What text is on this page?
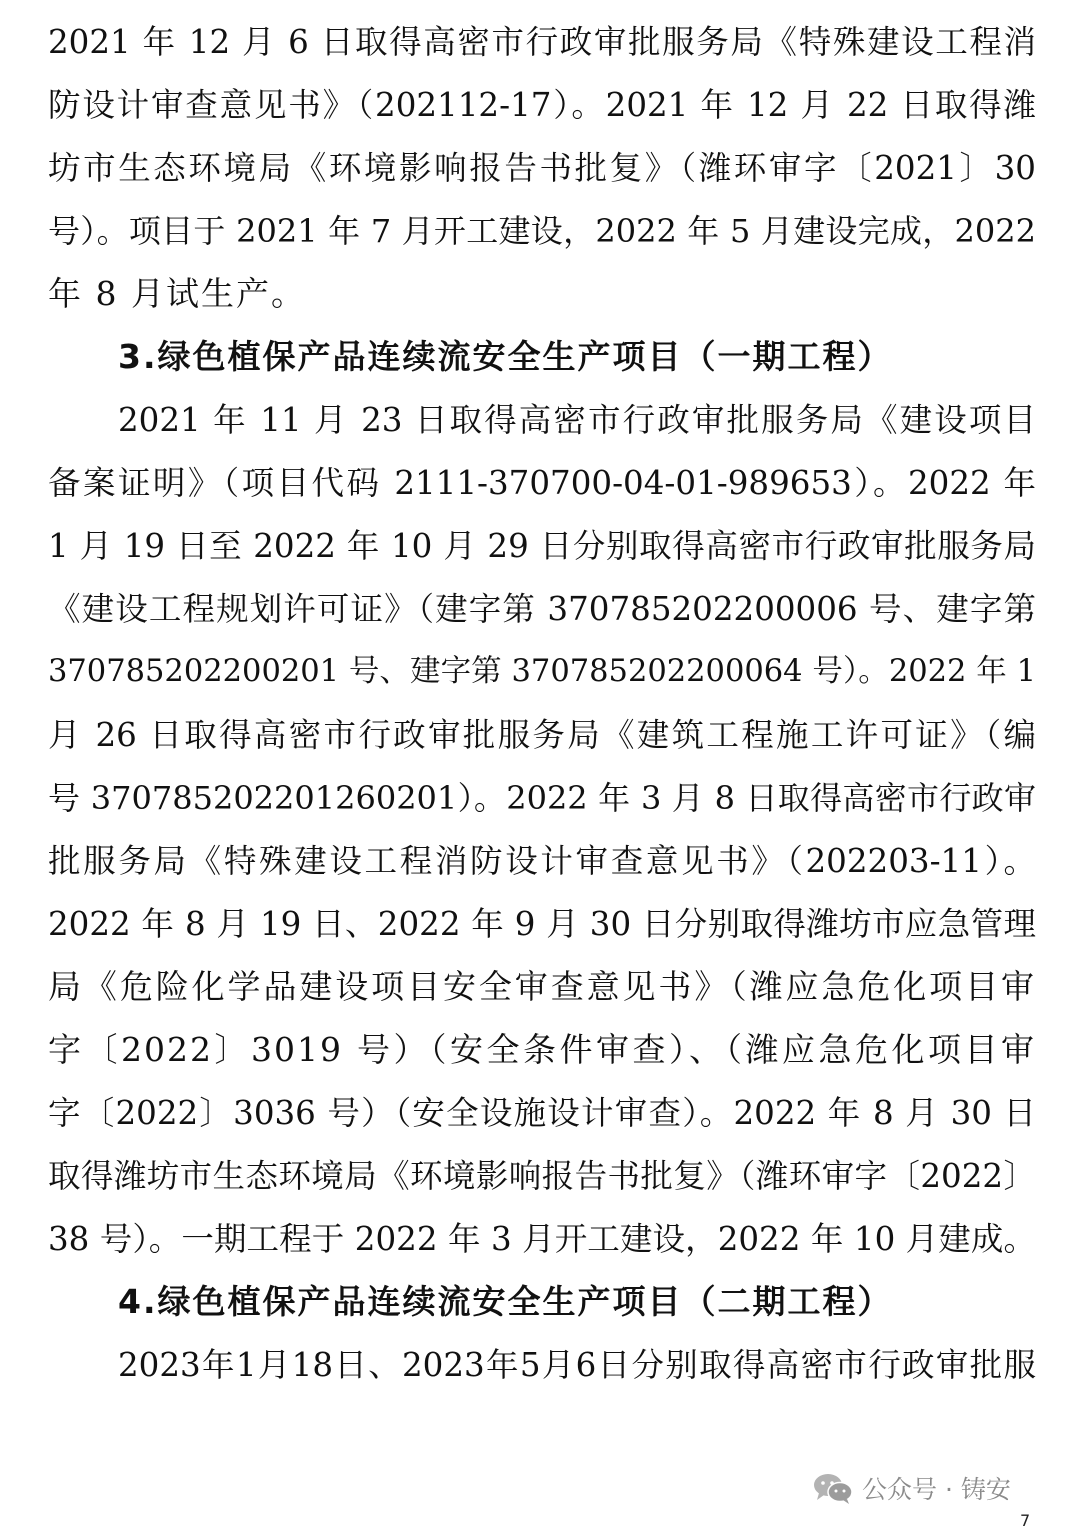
2021 年 12 月 6 日取得高密市行政审批服务局《特殊建设工程消
防设计审查意见书》（202112-17）。2021 年 12 月 22 日取得潍
坊市生态环境局《环境影响报告书批复》（潍环审字〔2021〕30
号）。项目于 2021 年 7 月开工建设，2022 年 5 月建设完成，2022
年 8 月试生产。
3.绿色植保产品连续流安全生产项目（一期工程）
2021 年 11 月 23 日取得高密市行政审批服务局《建设项目
备案证明》（项目代码 2111-370700-04-01-989653）。2022 年
1 月 19 日至 2022 年 10 月 29 日分别取得高密市行政审批服务局
《建设工程规划许可证》（建字第 370785202200006 号、建字第
370785202200201 号、建字第 370785202200064 号）。2022 年 1
月 26 日取得高密市行政审批服务局《建筑工程施工许可证》（编
号 370785202201260201）。2022 年 3 月 8 日取得高密市行政审
批服务局《特殊建设工程消防设计审查意见书》（202203-11）。
2022 年 8 月 19 日、2022 年 9 月 30 日分别取得潍坊市应急管理
局《危险化学品建设项目安全审查意见书》（潍应急危化项目审
字〔2022〕3019 号）（安全条件审查）、（潍应急危化项目审
字〔2022〕3036 号）（安全设施设计审查）。2022 年 8 月 30 日
取得潍坊市生态环境局《环境影响报告书批复》（潍环审字〔2022〕
38 号）。一期工程于 2022 年 3 月开工建设，2022 年 10 月建成。
4.绿色植保产品连续流安全生产项目（二期工程）
2023年1月18日、2023年5月6日分别取得高密市行政审批服
公众号 · 铸安
7
